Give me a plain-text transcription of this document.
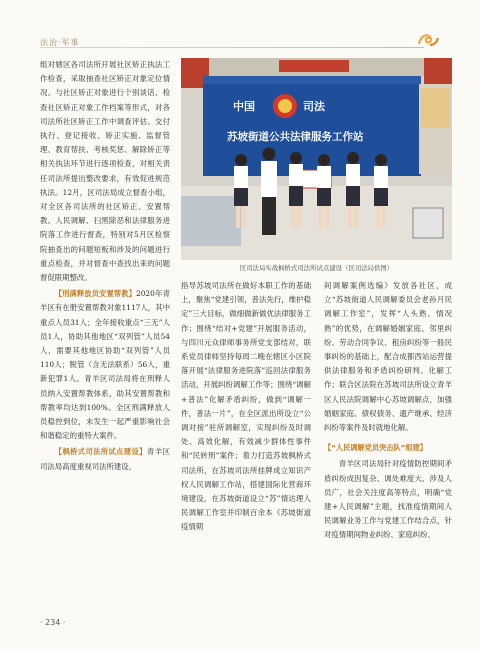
法治·军事

组对辖区各司法所开展社区矫正执法工作检查，采取抽查社区矫正对象定位情况、与社区矫正对象进行个别谈话、检查社区矫正对象工作档案等形式，对各司法所社区矫正工作中调查评估、交付执行、登记接收、矫正实施、监督管理、教育帮扶、考核奖惩、解除矫正等相关执法环节进行逐项检查，对相关责任司法所提出整改要求，有效促进规范执法。12月，区司法局成立督查小组，对全区各司法所的社区矫正、安置帮教、人民调解、扫黑除恶和法律服务进院落工作进行督查，特别对5月区检察院抽查出的问题短板和涉及的问题进行重点检查，并对督查中查找出来的问题督促限期整改。

【刑满释放员安置帮教】2020年青羊区有在册安置帮教对象1117人，其中重点人员31人；全年接收重点“三无”人员1人，协助其他地区“双列管”人员54人，需要其他地区协助“双列管”人员110人；脱管（含无法联系）56人，重新犯罪1人。青羊区司法局将在刑释人员纳入安置帮教体系，助其安置帮教和帮教率均达到100%。全区刑满释放人员稳控到位，未发生一起严重影响社会和谐稳定的重特大案件。

【枫桥式司法所试点建设】青羊区司法局高度重视司法所建设，

中国	司法
苏坡街道公共法律服务工作站
区司法局实战枫桥式司法所试点建设（区司法局供图）

指导苏坡司法所在做好本职工作的基础上，聚焦“党建引领，普法先行，维护稳定”三大目标，做细做新做优法律服务工作；围绕“结对+党建”开展服务活动，与四川元众律师事务所党支部结对，联系党员律师坚持每周二晚在辖区小区院落开展“法律服务进院落”巡回法律服务活动，开展纠纷调解工作等；围绕“调解+普法”化解矛盾纠纷，做到“调解一件，普法一片”，在全区派出所设立“公调对接”驻所调解室，实现纠纷及时调处、高效化解，有效减少群体性事件和“民转刑”案件；着力打造苏坡枫桥式司法所，在苏坡司法所挂牌成立知识产权人民调解工作站，搭建国际化营商环境建设，在苏坡街道设立“苏”情达理人民调解工作室并印制百余本《苏坡街道疫情期

间调解案例选编》发放各社区，成立“苏坡街道人民调解委员会老孙月民调解工作室”，发挥“人头熟、情况熟”的优势，在调解婚姻家庭、邻里纠纷、劳动合同争议、租房纠纷等一般民事纠纷的基础上，配合成都西站运营提供法律服务和矛盾纠纷研判、化解工作；联合区法院在苏坡司法所设立青羊区人民法院调解中心苏坡调解点，加强婚姻家庭、债权债务、遗产继承、经济纠纷等案件及时就地化解。

【“人民调解党员突击队”组建】

青羊区司法局针对疫情防控期间矛盾纠纷成因复杂、调处难度大、涉及人员广，社会关注度高等特点，明确“党建+人民调解”主题，找准疫情期间人民调解业务工作与党建工作结合点，针对疫情期间物业纠纷、家庭纠纷、

· 234 ·
